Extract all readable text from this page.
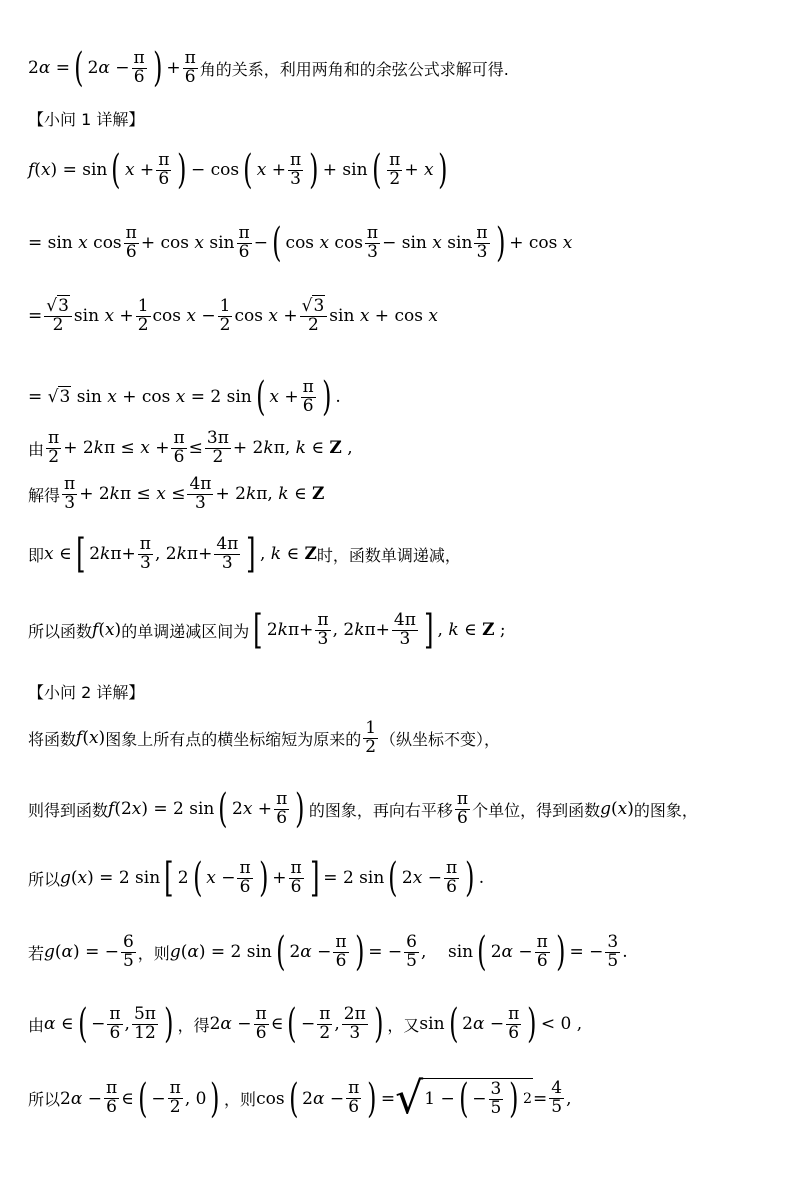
2α = ( $2\alpha - \frac{\pi}{6}$ ) + $\frac{\pi}{6}$ 角的关系，利用两角和的余弦公式求解可得.
【小问 1 详解】
f(x) = sin ( $x + \frac{\pi}{6}$ ) − cos ( $x + \frac{\pi}{3}$ ) + sin ( $\frac{\pi}{2} + x$ )
= sin x $\cos \frac{\pi}{6} + \cos x$ $\sin \frac{\pi}{6}$ − ( cos x $\cos \frac{\pi}{3} - \sin x$ $\sin \frac{\pi}{3}$ ) + cos x
= $\frac{√3}{2}$ $\sin x + \frac{1}{2}$ $\cos x - \frac{1}{2}$ $\cos x + \frac{√3}{2}$ sin x + cos x
= √3 sin x + cos x = 2 sin ( $x + \frac{\pi}{6}$ ) .
由 $\frac{\pi}{2} + 2k\pi \le x + \frac{\pi}{6} \le \frac{3\pi}{2} + 2k\pi$, k ∈ Z ,
解得 $\frac{\pi}{3} + 2k\pi \le x \le \frac{4\pi}{3} + 2k\pi$, k ∈ Z
即 x ∈ [ $2k\pi+ \frac{\pi}{3}$ , $2k\pi+ \frac{4\pi}{3}$ ] , k ∈ Z 时，函数单调递减，
所以函数 f(x) 的单调递减区间为 [ $2k\pi+ \frac{\pi}{3}$ , $2k\pi+ \frac{4\pi}{3}$ ] , k ∈ Z ;
【小问 2 详解】
将函数 f(x) 图象上所有点的横坐标缩短为原来的 $\frac{1}{2}$ （纵坐标不变），
则得到函数 f(2x) = 2 sin ( $2x + \frac{\pi}{6}$ ) 的图象，再向右平移 $\frac{\pi}{6}$ 个单位，得到函数 g(x) 的图象，
所以 g(x) = 2 sin [ 2 ( $x - \frac{\pi}{6}$ ) + $\frac{\pi}{6}$ ] = 2 sin ( $2x - \frac{\pi}{6}$ ) .
若 g(α) = − $\frac{6}{5}$ ，则 g(α) = 2 sin ( $2\alpha - \frac{\pi}{6}$ ) = − $\frac{6}{5}$ ,    sin ( $2\alpha - \frac{\pi}{6}$ ) = − $\frac{3}{5}$ .
由 α ∈ ( − $\frac{\pi}{6}$ , $\frac{5\pi}{12}$ ) ，得 $2\alpha - \frac{\pi}{6}$ ∈ ( − $\frac{\pi}{2}$ , $\frac{2\pi}{3}$ ) ，又 sin ( $2\alpha - \frac{\pi}{6}$ ) < 0 ,
所以 $2\alpha - \frac{\pi}{6}$ ∈ ( − $\frac{\pi}{2}$ , 0 ) ，则 cos ( $2\alpha - \frac{\pi}{6}$ ) = √ 1 − ( − $\frac{3}{5}$ ) $2 = \frac{4}{5}$ ,
